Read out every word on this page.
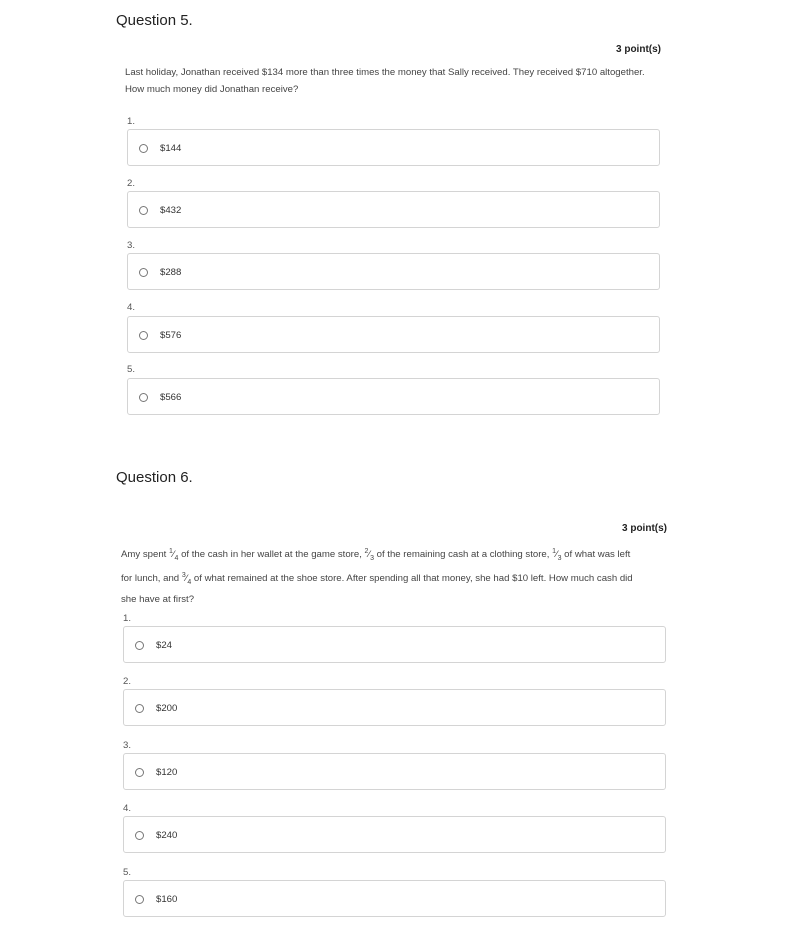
Question 5.
3 point(s)
Last holiday, Jonathan received $134 more than three times the money that Sally received. They received $710 altogether.
How much money did Jonathan receive?
1.
$144
2.
$432
3.
$288
4.
$576
5.
$566
Question 6.
3 point(s)
Amy spent $^1⁄_4$ of the cash in her wallet at the game store, $^2⁄_3$ of the remaining cash at a clothing store, $^1⁄_3$ of what was left
for lunch, and $^3⁄_4$ of what remained at the shoe store. After spending all that money, she had $10 left. How much cash did
she have at first?
1.
$24
2.
$200
3.
$120
4.
$240
5.
$160
